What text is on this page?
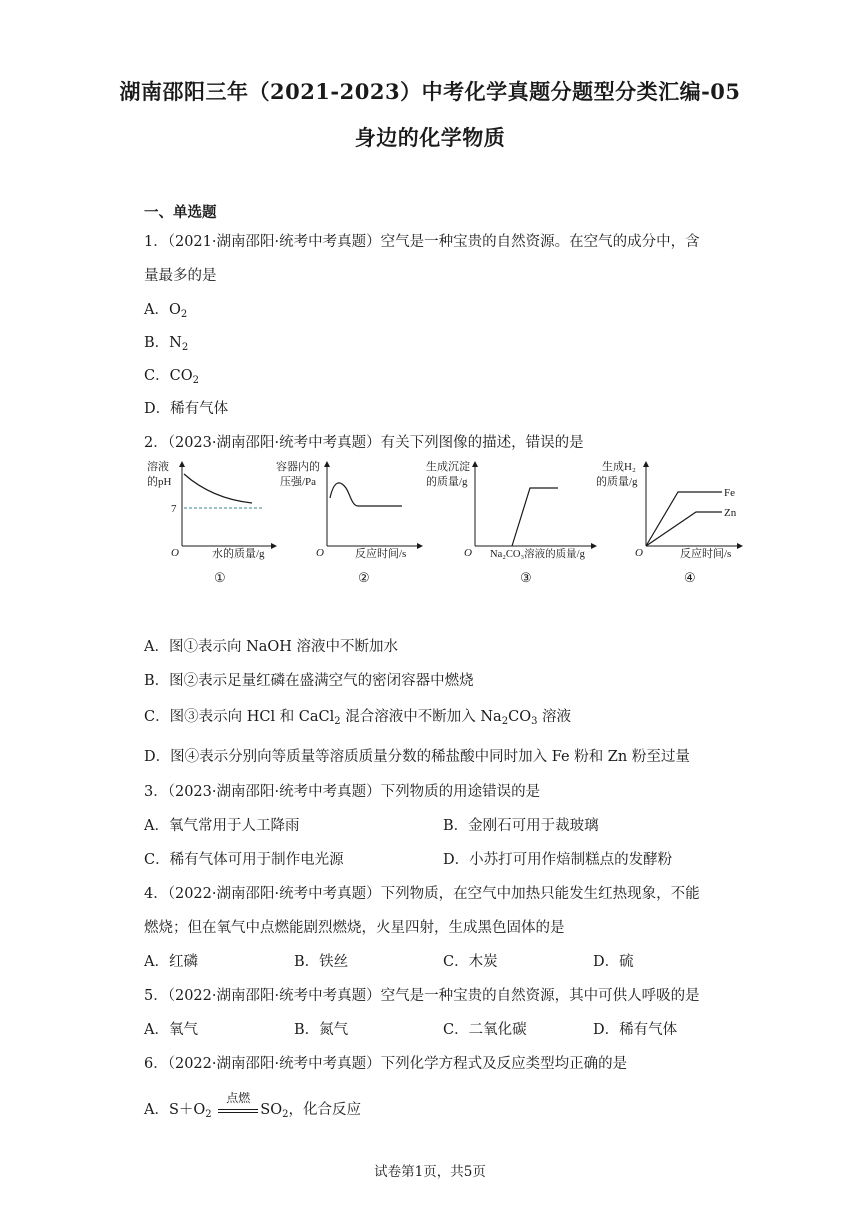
湖南邵阳三年（2021-2023）中考化学真题分题型分类汇编-05
身边的化学物质
一、单选题
1．（2021·湖南邵阳·统考中考真题）空气是一种宝贵的自然资源。在空气的成分中，含
量最多的是
A．$O_2$
B．$N_2$
C．$CO_2$
D．稀有气体
2．（2023·湖南邵阳·统考中考真题）有关下列图像的描述，错误的是
溶液
的pH
7
O	水的质量/g
①
容器内的
压强/Pa
O	反应时间/s
②
生成沉淀
的质量/g
O Na₂CO₃溶液的质量/g
③
生成H₂
的质量/g
Fe
Zn
O	反应时间/s
④
A．图①表示向 NaOH 溶液中不断加水
B．图②表示足量红磷在盛满空气的密闭容器中燃烧
C．图③表示向 HCl 和 CaCl$_2$ 混合溶液中不断加入 $Na_2CO_3$ 溶液
D．图④表示分别向等质量等溶质质量分数的稀盐酸中同时加入 Fe 粉和 Zn 粉至过量
3．（2023·湖南邵阳·统考中考真题）下列物质的用途错误的是
A．氧气常用于人工降雨	B．金刚石可用于裁玻璃
C．稀有气体可用于制作电光源	D．小苏打可用作焙制糕点的发酵粉
4．（2022·湖南邵阳·统考中考真题）下列物质，在空气中加热只能发生红热现象，不能
燃烧；但在氧气中点燃能剧烈燃烧，火星四射，生成黑色固体的是
A．红磷	B．铁丝	C．木炭	D．硫
5．（2022·湖南邵阳·统考中考真题）空气是一种宝贵的自然资源，其中可供人呼吸的是
A．氧气	B．氮气	C．二氧化碳	D．稀有气体
6．（2022·湖南邵阳·统考中考真题）下列化学方程式及反应类型均正确的是
A．$S+O_2$
点燃
$SO_2$，化合反应
试卷第1页，共5页
